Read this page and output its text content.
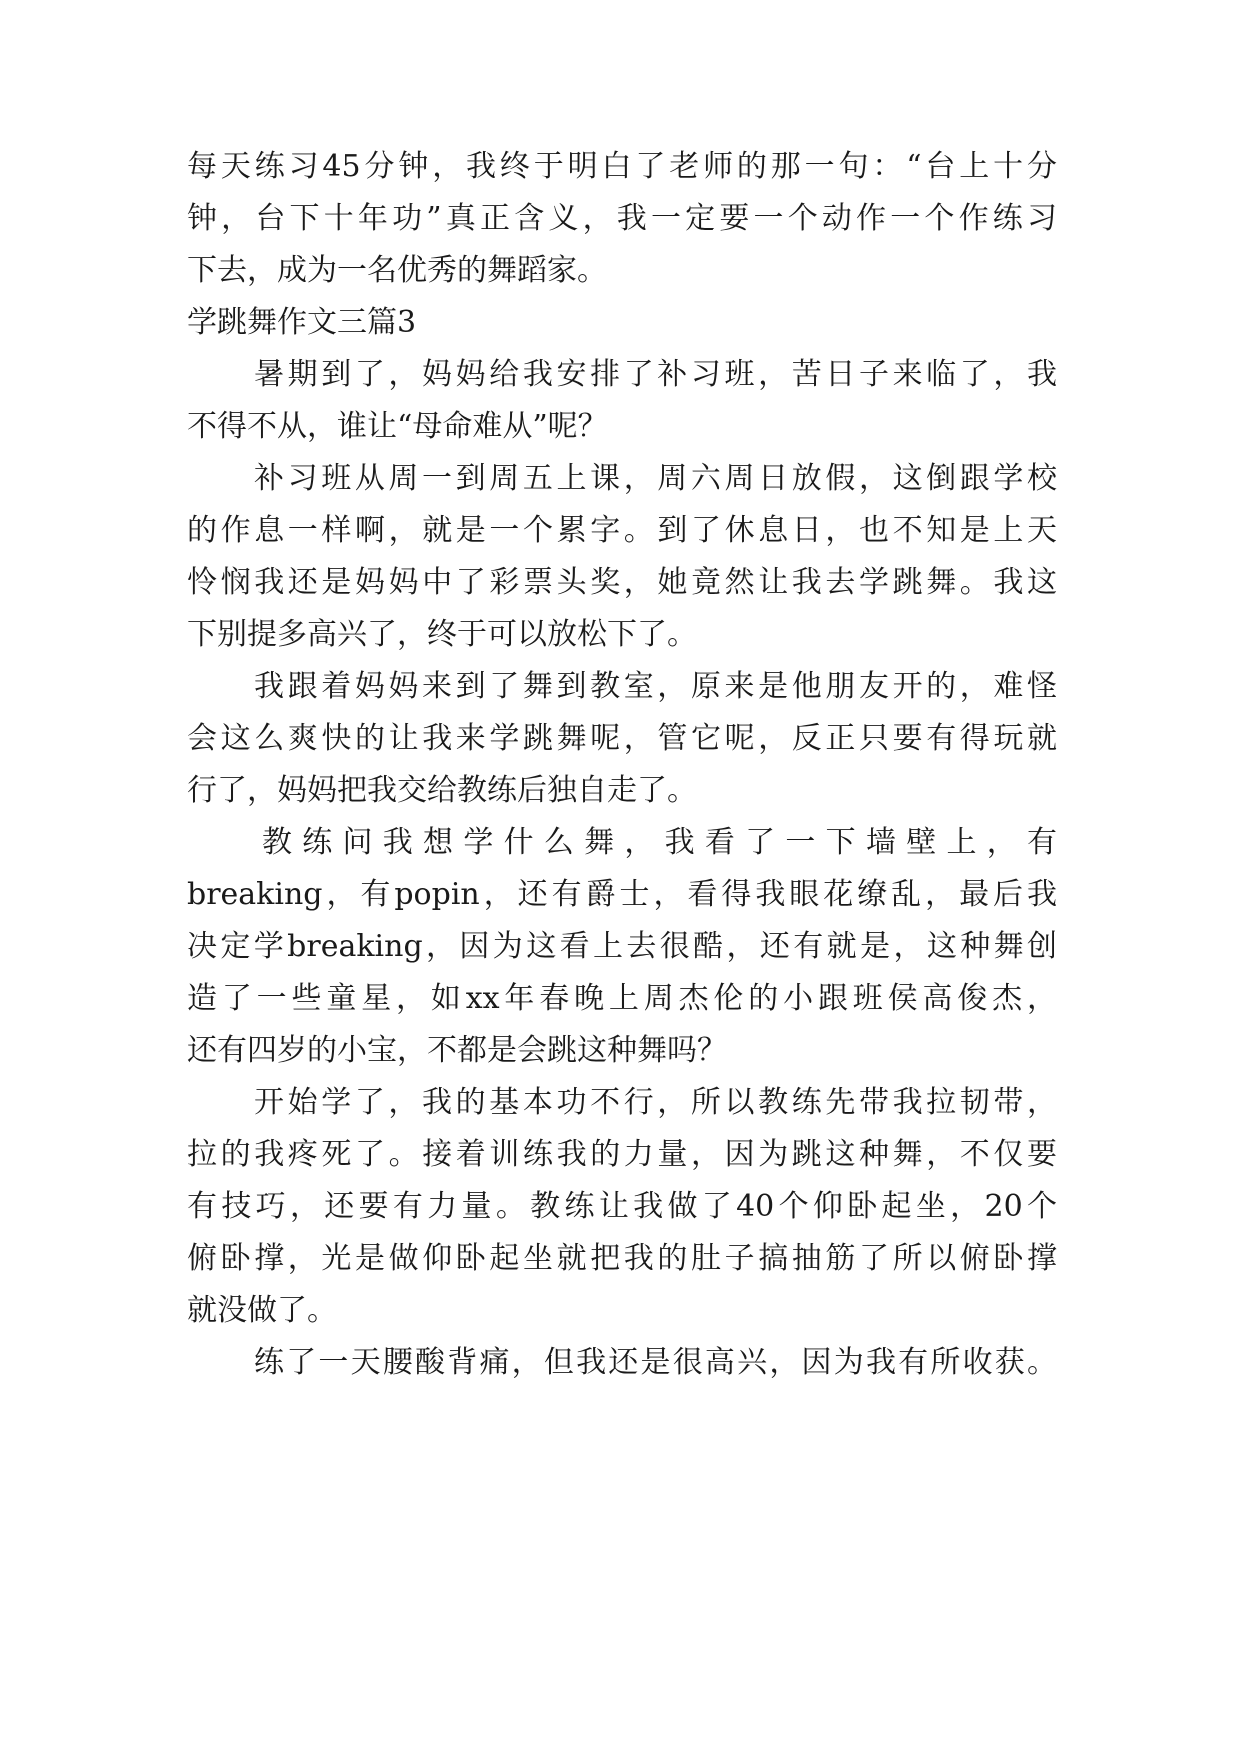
每天练习45分钟，我终于明白了老师的那一句：“台上十分
钟，台下十年功”真正含义，我一定要一个动作一个作练习
下去，成为一名优秀的舞蹈家。
学跳舞作文三篇3
暑期到了，妈妈给我安排了补习班，苦日子来临了，我
不得不从，谁让“母命难从”呢？
补习班从周一到周五上课，周六周日放假，这倒跟学校
的作息一样啊，就是一个累字。到了休息日，也不知是上天
怜悯我还是妈妈中了彩票头奖，她竟然让我去学跳舞。我这
下别提多高兴了，终于可以放松下了。
我跟着妈妈来到了舞到教室，原来是他朋友开的，难怪
会这么爽快的让我来学跳舞呢，管它呢，反正只要有得玩就
行了，妈妈把我交给教练后独自走了。
教练问我想学什么舞，我看了一下墙壁上，有
breaking，有popin，还有爵士，看得我眼花缭乱，最后我
决定学breaking，因为这看上去很酷，还有就是，这种舞创
造了一些童星，如xx年春晚上周杰伦的小跟班侯高俊杰，
还有四岁的小宝，不都是会跳这种舞吗？
开始学了，我的基本功不行，所以教练先带我拉韧带，
拉的我疼死了。接着训练我的力量，因为跳这种舞，不仅要
有技巧，还要有力量。教练让我做了40个仰卧起坐，20个
俯卧撑，光是做仰卧起坐就把我的肚子搞抽筋了所以俯卧撑
就没做了。
练了一天腰酸背痛，但我还是很高兴，因为我有所收获。
